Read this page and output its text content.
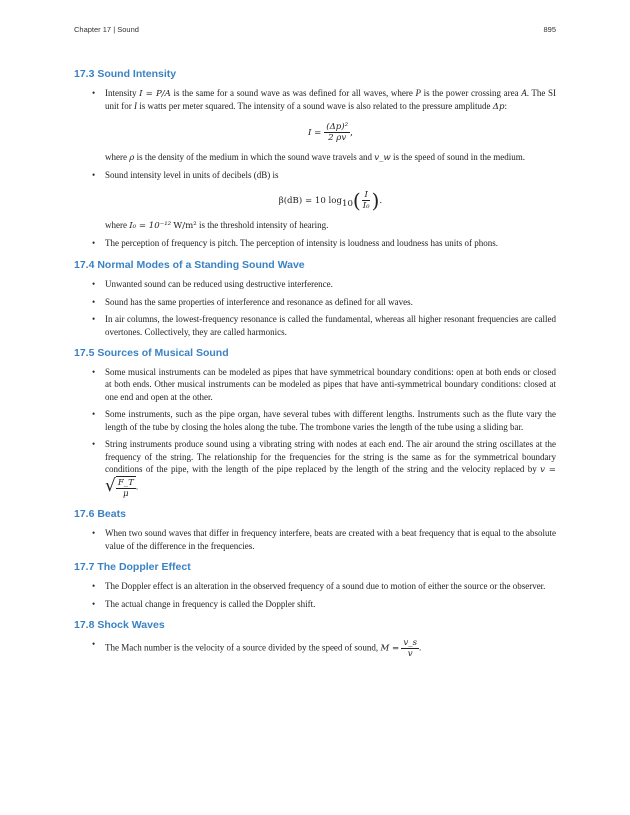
Chapter 17 | Sound	895
17.3 Sound Intensity
• Intensity I = P/A is the same for a sound wave as was defined for all waves, where P is the power crossing area A. The SI unit for I is watts per meter squared. The intensity of a sound wave is also related to the pressure amplitude Δp:
$I = \frac{\text{(Δp)²}}{2 \rho v}$ ,
where ρ is the density of the medium in which the sound wave travels and v_w is the speed of sound in the medium.
• Sound intensity level in units of decibels (dB) is
β(dB) = 10 $\log_{10}( \frac{I}{\text{I₀}}$ ).
where I₀ = 10⁻¹² W/m² is the threshold intensity of hearing.
• The perception of frequency is pitch. The perception of intensity is loudness and loudness has units of phons.
17.4 Normal Modes of a Standing Sound Wave
• Unwanted sound can be reduced using destructive interference.
• Sound has the same properties of interference and resonance as defined for all waves.
• In air columns, the lowest-frequency resonance is called the fundamental, whereas all higher resonant frequencies are called overtones. Collectively, they are called harmonics.
17.5 Sources of Musical Sound
• Some musical instruments can be modeled as pipes that have symmetrical boundary conditions: open at both ends or closed at both ends. Other musical instruments can be modeled as pipes that have anti-symmetrical boundary conditions: closed at one end and open at the other.
• Some instruments, such as the pipe organ, have several tubes with different lengths. Instruments such as the flute vary the length of the tube by closing the holes along the tube. The trombone varies the length of the tube using a sliding bar.
• String instruments produce sound using a vibrating string with nodes at each end. The air around the string oscillates at the frequency of the string. The relationship for the frequencies for the string is the same as for the symmetrical boundary conditions of the pipe, with the length of the pipe replaced by the length of the string and the velocity replaced by v =
√ $\frac{F\_T}{\mu}$ .
17.6 Beats
• When two sound waves that differ in frequency interfere, beats are created with a beat frequency that is equal to the absolute value of the difference in the frequencies.
17.7 The Doppler Effect
• The Doppler effect is an alteration in the observed frequency of a sound due to motion of either the source or the observer.
• The actual change in frequency is called the Doppler shift.
17.8 Shock Waves
• The Mach number is the velocity of a source divided by the speed of sound, $M = \frac{v\_s}{v}$ .
